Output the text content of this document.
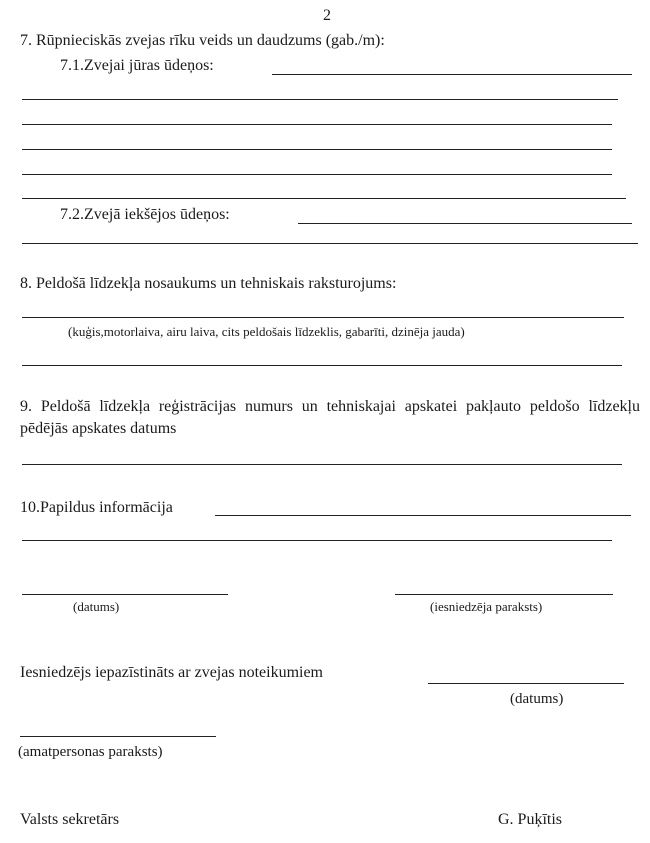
2
7. Rūpnieciskās zvejas rīku veids un daudzums (gab./m):
7.1.Zvejai jūras ūdeņos:
7.2.Zvejā iekšējos ūdeņos:
8. Peldošā līdzekļa nosaukums un tehniskais raksturojums:
(kuģis,motorlaiva, airu laiva, cits peldošais līdzeklis, gabarīti, dzinēja jauda)
9. Peldošā līdzekļa reģistrācijas numurs un tehniskajai apskatei pakļauto peldošo līdzekļu pēdējās apskates datums
10.Papildus informācija
(datums)	(iesniedzēja paraksts)
Iesniedzējs iepazīstināts ar zvejas noteikumiem
(datums)
(amatpersonas paraksts)
Valsts sekretārs	G. Puķītis
